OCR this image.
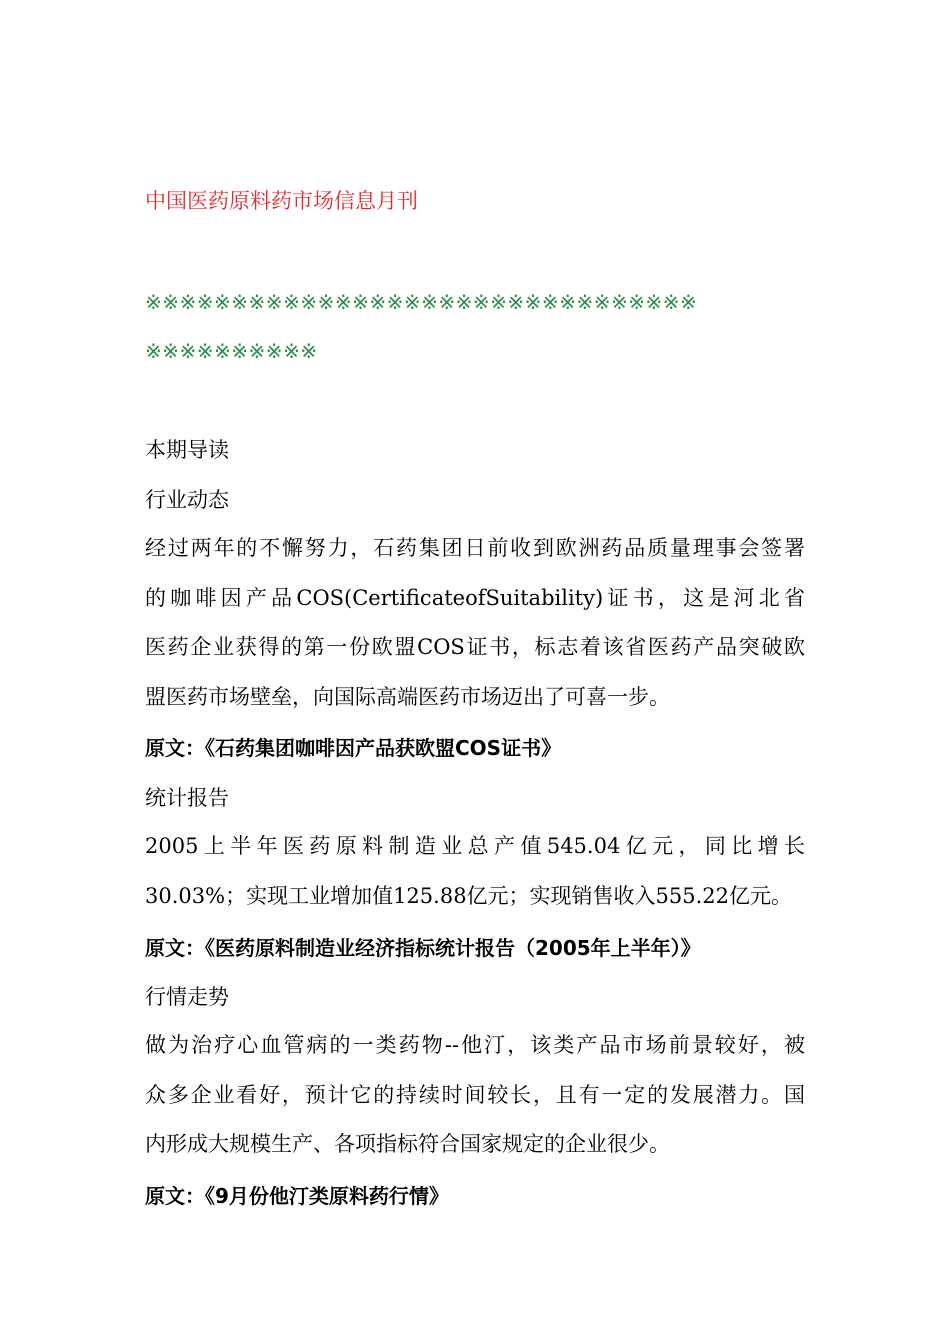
中国医药原料药市场信息月刊
※※※※※※※※※※※※※※※※※※※※※※※※※※※※※※※※
※※※※※※※※※※
本期导读
行业动态
经过两年的不懈努力，石药集团日前收到欧洲药品质量理事会签署
的咖啡因产品COS(CertificateofSuitability)证书，这是河北省
医药企业获得的第一份欧盟COS证书，标志着该省医药产品突破欧
盟医药市场壁垒，向国际高端医药市场迈出了可喜一步。
原文：《石药集团咖啡因产品获欧盟COS证书》
统计报告
2005上半年医药原料制造业总产值545.04亿元，同比增长
30.03%；实现工业增加值125.88亿元；实现销售收入555.22亿元。
原文：《医药原料制造业经济指标统计报告（2005年上半年）》
行情走势
做为治疗心血管病的一类药物--他汀，该类产品市场前景较好，被
众多企业看好，预计它的持续时间较长，且有一定的发展潜力。国
内形成大规模生产、各项指标符合国家规定的企业很少。
原文：《9月份他汀类原料药行情》
